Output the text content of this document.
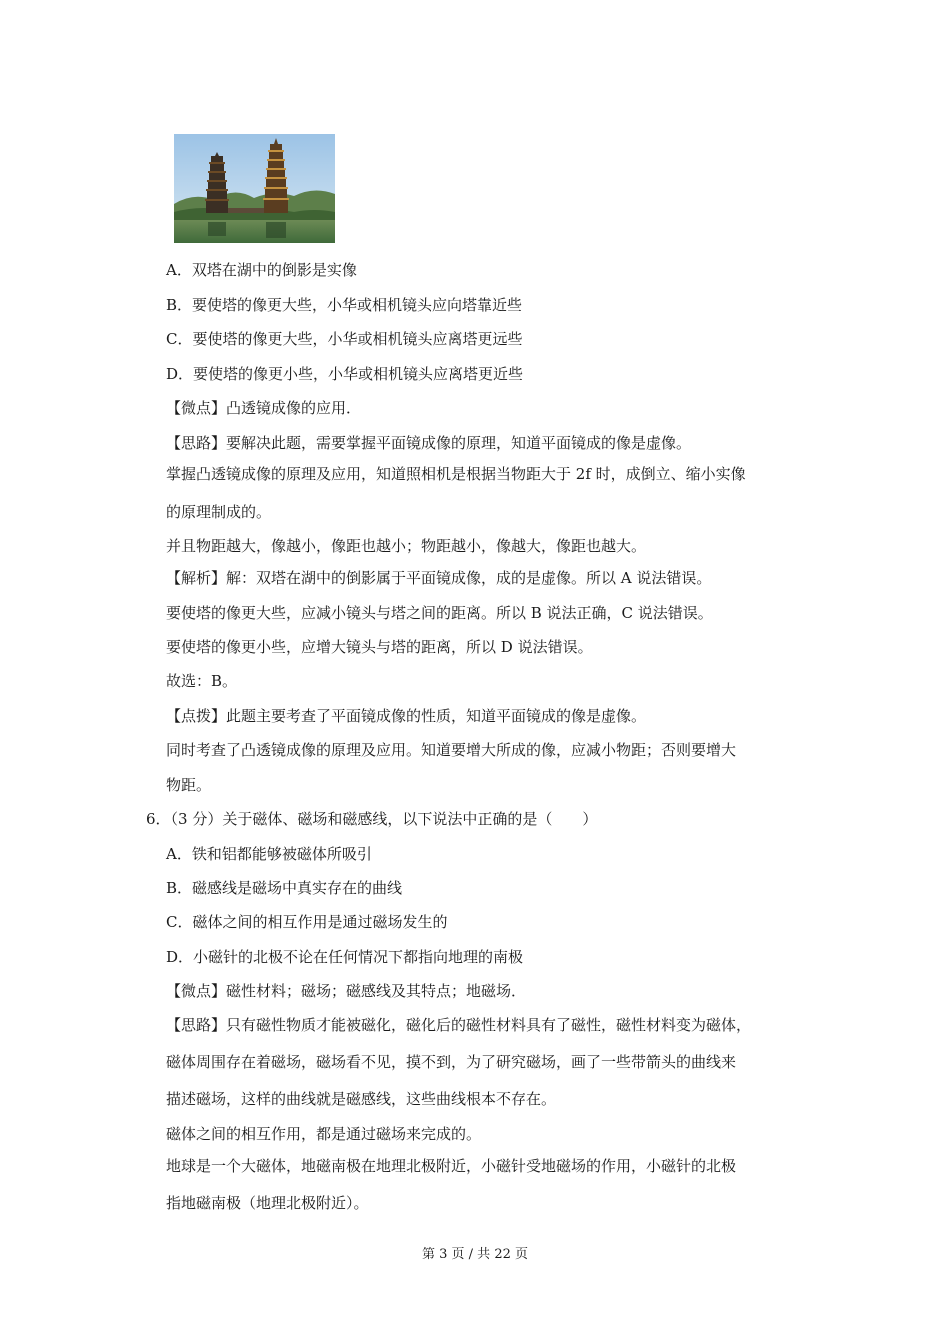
A．双塔在湖中的倒影是实像
B．要使塔的像更大些，小华或相机镜头应向塔靠近些
C．要使塔的像更大些，小华或相机镜头应离塔更远些
D．要使塔的像更小些，小华或相机镜头应离塔更近些
【微点】凸透镜成像的应用．
【思路】要解决此题，需要掌握平面镜成像的原理，知道平面镜成的像是虚像。
掌握凸透镜成像的原理及应用，知道照相机是根据当物距大于 2f 时，成倒立、缩小实像
的原理制成的。
并且物距越大，像越小，像距也越小；物距越小，像越大，像距也越大。
【解析】解：双塔在湖中的倒影属于平面镜成像，成的是虚像。所以 A 说法错误。
要使塔的像更大些，应减小镜头与塔之间的距离。所以 B 说法正确，C 说法错误。
要使塔的像更小些，应增大镜头与塔的距离，所以 D 说法错误。
故选：B。
【点拨】此题主要考查了平面镜成像的性质，知道平面镜成的像是虚像。
同时考查了凸透镜成像的原理及应用。知道要增大所成的像，应减小物距；否则要增大
物距。
6．（3 分）关于磁体、磁场和磁感线，以下说法中正确的是（　　）
A．铁和铝都能够被磁体所吸引
B．磁感线是磁场中真实存在的曲线
C．磁体之间的相互作用是通过磁场发生的
D．小磁针的北极不论在任何情况下都指向地理的南极
【微点】磁性材料；磁场；磁感线及其特点；地磁场．
【思路】只有磁性物质才能被磁化，磁化后的磁性材料具有了磁性，磁性材料变为磁体，
磁体周围存在着磁场，磁场看不见，摸不到，为了研究磁场，画了一些带箭头的曲线来
描述磁场，这样的曲线就是磁感线，这些曲线根本不存在。
磁体之间的相互作用，都是通过磁场来完成的。
地球是一个大磁体，地磁南极在地理北极附近，小磁针受地磁场的作用，小磁针的北极
指地磁南极（地理北极附近）。
第 3 页 / 共 22 页
